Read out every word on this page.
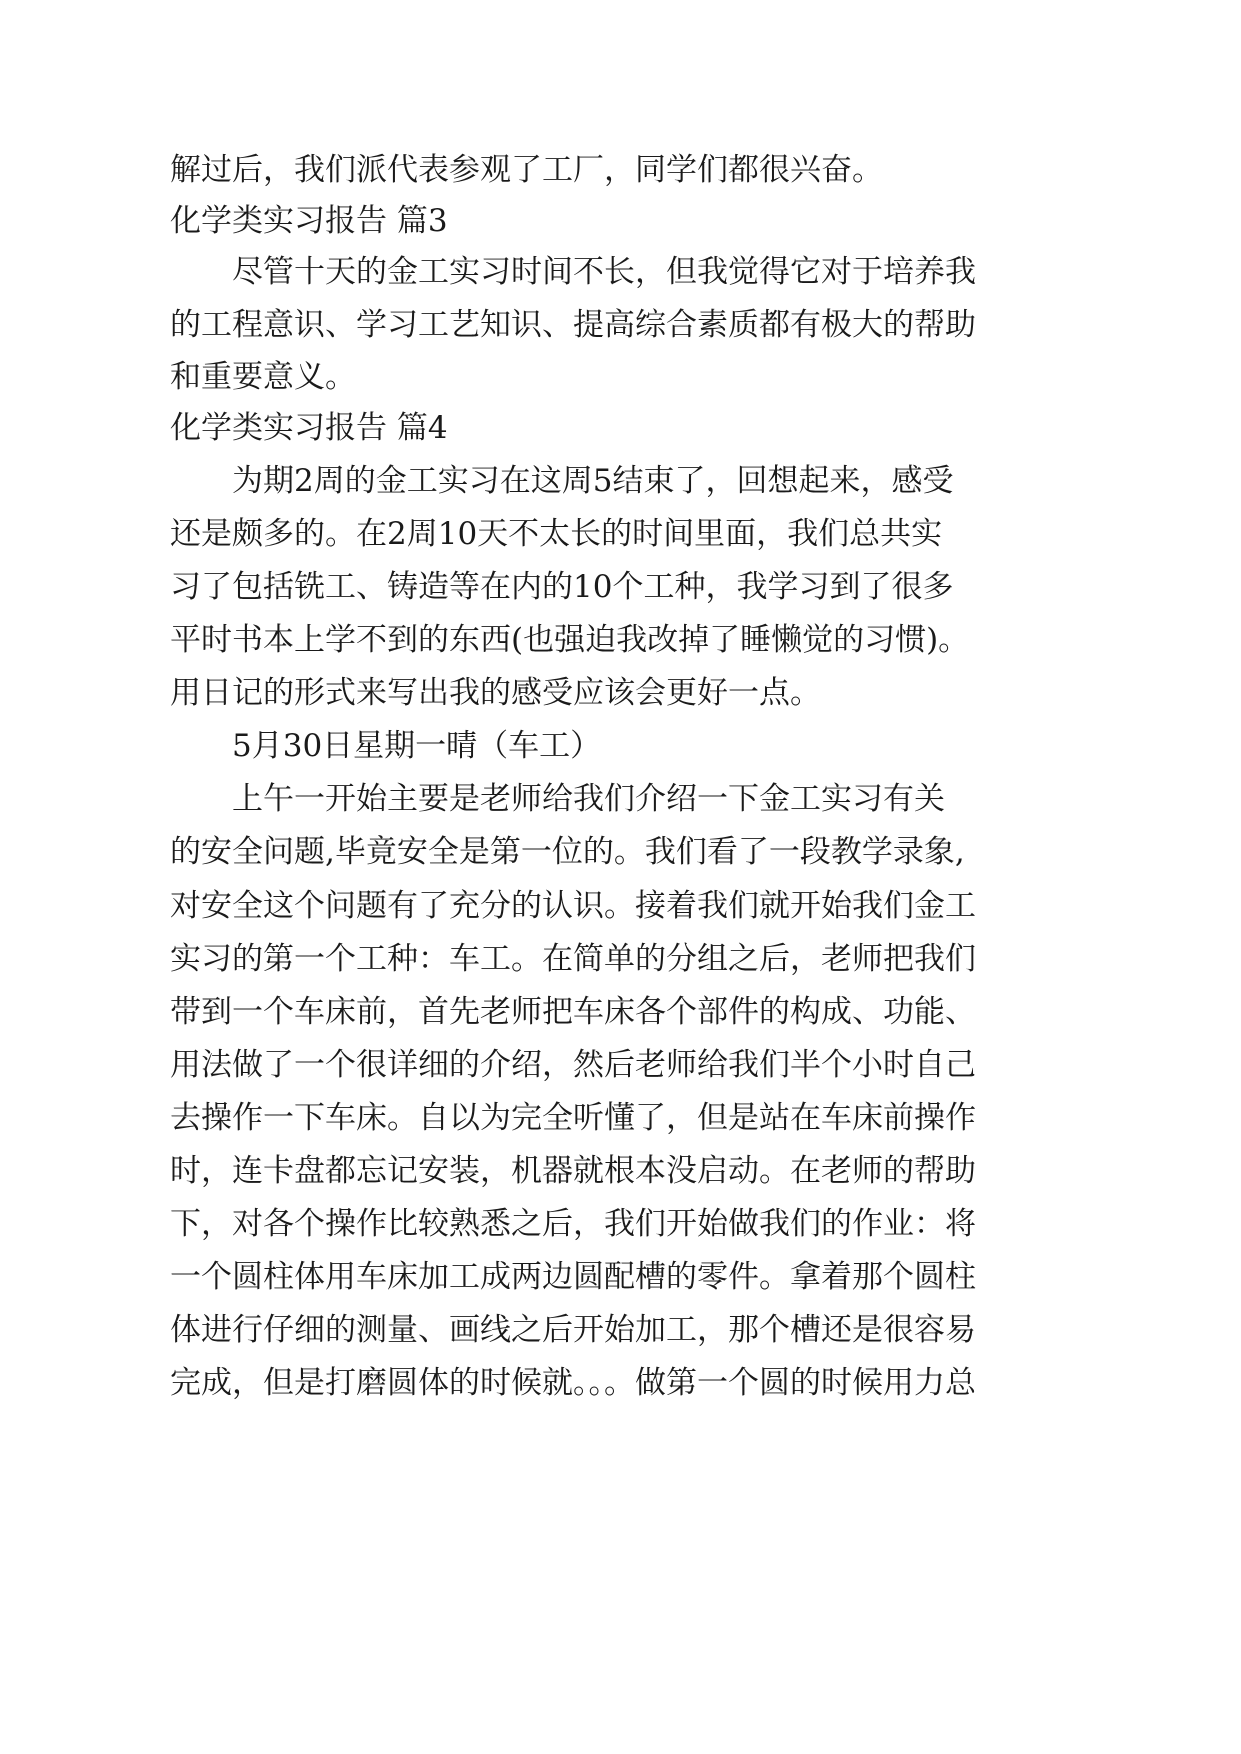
解过后，我们派代表参观了工厂，同学们都很兴奋。
化学类实习报告 篇3
尽管十天的金工实习时间不长，但我觉得它对于培养我
的工程意识、学习工艺知识、提高综合素质都有极大的帮助
和重要意义。
化学类实习报告 篇4
为期2周的金工实习在这周5结束了，回想起来，感受
还是颇多的。在2周10天不太长的时间里面，我们总共实
习了包括铣工、铸造等在内的10个工种，我学习到了很多
平时书本上学不到的东西(也强迫我改掉了睡懒觉的习惯)。
用日记的形式来写出我的感受应该会更好一点。
5月30日星期一晴（车工）
上午一开始主要是老师给我们介绍一下金工实习有关
的安全问题,毕竟安全是第一位的。我们看了一段教学录象,
对安全这个问题有了充分的认识。接着我们就开始我们金工
实习的第一个工种：车工。在简单的分组之后，老师把我们
带到一个车床前，首先老师把车床各个部件的构成、功能、
用法做了一个很详细的介绍，然后老师给我们半个小时自己
去操作一下车床。自以为完全听懂了，但是站在车床前操作
时，连卡盘都忘记安装，机器就根本没启动。在老师的帮助
下，对各个操作比较熟悉之后，我们开始做我们的作业：将
一个圆柱体用车床加工成两边圆配槽的零件。拿着那个圆柱
体进行仔细的测量、画线之后开始加工，那个槽还是很容易
完成，但是打磨圆体的时候就。。。做第一个圆的时候用力总
